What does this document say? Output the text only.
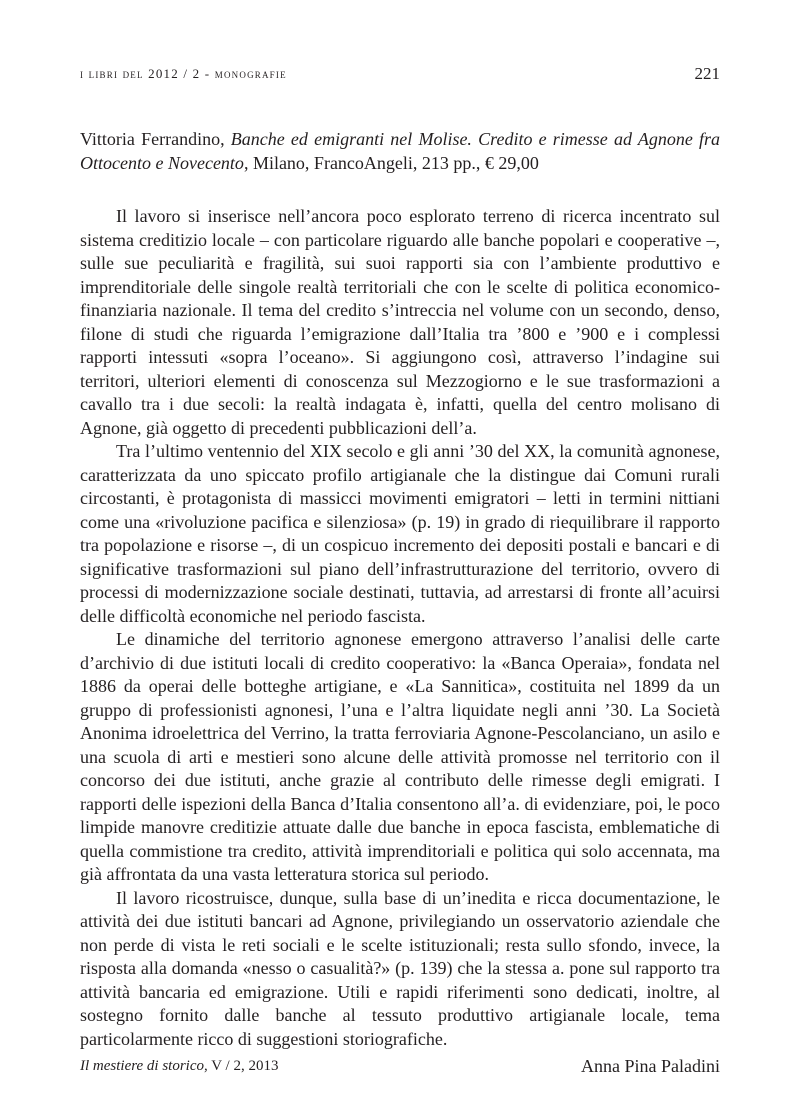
i libri del 2012 / 2 - monografie	221

Vittoria Ferrandino, Banche ed emigranti nel Molise. Credito e rimesse ad Agnone fra Ottocento e Novecento, Milano, FrancoAngeli, 213 pp., € 29,00

Il lavoro si inserisce nell’ancora poco esplorato terreno di ricerca incentrato sul sistema creditizio locale – con particolare riguardo alle banche popolari e cooperative –, sulle sue peculiarità e fragilità, sui suoi rapporti sia con l’ambiente produttivo e imprenditoriale delle singole realtà territoriali che con le scelte di politica economico-finanziaria nazionale. Il tema del credito s’intreccia nel volume con un secondo, denso, filone di studi che riguarda l’emigrazione dall’Italia tra ’800 e ’900 e i complessi rapporti intessuti «sopra l’oceano». Si aggiungono così, attraverso l’indagine sui territori, ulteriori elementi di conoscenza sul Mezzogiorno e le sue trasformazioni a cavallo tra i due secoli: la realtà indagata è, infatti, quella del centro molisano di Agnone, già oggetto di precedenti pubblicazioni dell’a.

Tra l’ultimo ventennio del XIX secolo e gli anni ’30 del XX, la comunità agnonese, caratterizzata da uno spiccato profilo artigianale che la distingue dai Comuni rurali circostanti, è protagonista di massicci movimenti emigratori – letti in termini nittiani come una «rivoluzione pacifica e silenziosa» (p. 19) in grado di riequilibrare il rapporto tra popolazione e risorse –, di un cospicuo incremento dei depositi postali e bancari e di significative trasformazioni sul piano dell’infrastrutturazione del territorio, ovvero di processi di modernizzazione sociale destinati, tuttavia, ad arrestarsi di fronte all’acuirsi delle difficoltà economiche nel periodo fascista.

Le dinamiche del territorio agnonese emergono attraverso l’analisi delle carte d’archivio di due istituti locali di credito cooperativo: la «Banca Operaia», fondata nel 1886 da operai delle botteghe artigiane, e «La Sannitica», costituita nel 1899 da un gruppo di professionisti agnonesi, l’una e l’altra liquidate negli anni ’30. La Società Anonima idroelettrica del Verrino, la tratta ferroviaria Agnone-Pescolanciano, un asilo e una scuola di arti e mestieri sono alcune delle attività promosse nel territorio con il concorso dei due istituti, anche grazie al contributo delle rimesse degli emigrati. I rapporti delle ispezioni della Banca d’Italia consentono all’a. di evidenziare, poi, le poco limpide manovre creditizie attuate dalle due banche in epoca fascista, emblematiche di quella commistione tra credito, attività imprenditoriali e politica qui solo accennata, ma già affrontata da una vasta letteratura storica sul periodo.

Il lavoro ricostruisce, dunque, sulla base di un’inedita e ricca documentazione, le attività dei due istituti bancari ad Agnone, privilegiando un osservatorio aziendale che non perde di vista le reti sociali e le scelte istituzionali; resta sullo sfondo, invece, la risposta alla domanda «nesso o casualità?» (p. 139) che la stessa a. pone sul rapporto tra attività bancaria ed emigrazione. Utili e rapidi riferimenti sono dedicati, inoltre, al sostegno fornito dalle banche al tessuto produttivo artigianale locale, tema particolarmente ricco di suggestioni storiografiche.

Anna Pina Paladini

Il mestiere di storico, V / 2, 2013
